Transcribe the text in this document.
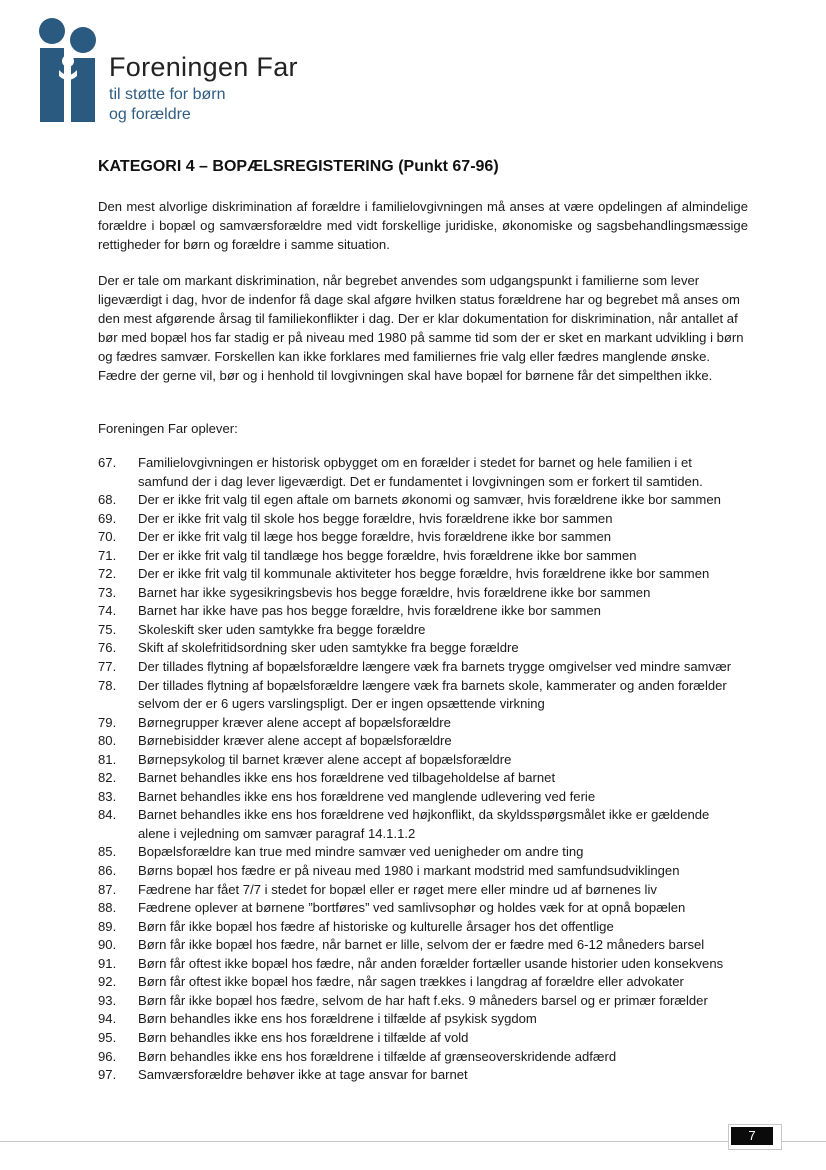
Foreningen Far
til støtte for børn
og forældre
KATEGORI 4 – BOPÆLSREGISTERING (Punkt 67-96)
Den mest alvorlige diskrimination af forældre i familielovgivningen må anses at være opdelingen af almindelige forældre i bopæl og samværsforældre med vidt forskellige juridiske, økonomiske og sagsbehandlingsmæssige rettigheder for børn og forældre i samme situation.
Der er tale om markant diskrimination, når begrebet anvendes som udgangspunkt i familierne som lever ligeværdigt i dag, hvor de indenfor få dage skal afgøre hvilken status forældrene har og begrebet må anses om den mest afgørende årsag til familiekonflikter i dag. Der er klar dokumentation for diskrimination, når antallet af bør med bopæl hos far stadig er på niveau med 1980 på samme tid som der er sket en markant udvikling i børn og fædres samvær. Forskellen kan ikke forklares med familiernes frie valg eller fædres manglende ønske. Fædre der gerne vil, bør og i henhold til lovgivningen skal have bopæl for børnene får det simpelthen ikke.
Foreningen Far oplever:
67. Familielovgivningen er historisk opbygget om en forælder i stedet for barnet og hele familien i et
samfund der i dag lever ligeværdigt. Det er fundamentet i lovgivningen som er forkert til samtiden.
68. Der er ikke frit valg til egen aftale om barnets økonomi og samvær, hvis forældrene ikke bor sammen
69. Der er ikke frit valg til skole hos begge forældre, hvis forældrene ikke bor sammen
70. Der er ikke frit valg til læge hos begge forældre, hvis forældrene ikke bor sammen
71. Der er ikke frit valg til tandlæge hos begge forældre, hvis forældrene ikke bor sammen
72. Der er ikke frit valg til kommunale aktiviteter hos begge forældre, hvis forældrene ikke bor sammen
73. Barnet har ikke sygesikringsbevis hos begge forældre, hvis forældrene ikke bor sammen
74. Barnet har ikke have pas hos begge forældre, hvis forældrene ikke bor sammen
75. Skoleskift sker uden samtykke fra begge forældre
76. Skift af skolefritidsordning sker uden samtykke fra begge forældre
77. Der tillades flytning af bopælsforældre længere væk fra barnets trygge omgivelser ved mindre samvær
78. Der tillades flytning af bopælsforældre længere væk fra barnets skole, kammerater og anden forælder
selvom der er 6 ugers varslingspligt. Der er ingen opsættende virkning
79. Børnegrupper kræver alene accept af bopælsforældre
80. Børnebisidder kræver alene accept af bopælsforældre
81. Børnepsykolog til barnet kræver alene accept af bopælsforældre
82. Barnet behandles ikke ens hos forældrene ved tilbageholdelse af barnet
83. Barnet behandles ikke ens hos forældrene ved manglende udlevering ved ferie
84. Barnet behandles ikke ens hos forældrene ved højkonflikt, da skyldsspørgsmålet ikke er gældende
alene i vejledning om samvær paragraf 14.1.1.2
85. Bopælsforældre kan true med mindre samvær ved uenigheder om andre ting
86. Børns bopæl hos fædre er på niveau med 1980 i markant modstrid med samfundsudviklingen
87. Fædrene har fået 7/7 i stedet for bopæl eller er røget mere eller mindre ud af børnenes liv
88. Fædrene oplever at børnene ”bortføres” ved samlivsophør og holdes væk for at opnå bopælen
89. Børn får ikke bopæl hos fædre af historiske og kulturelle årsager hos det offentlige
90. Børn får ikke bopæl hos fædre, når barnet er lille, selvom der er fædre med 6-12 måneders barsel
91. Børn får oftest ikke bopæl hos fædre, når anden forælder fortæller usande historier uden konsekvens
92. Børn får oftest ikke bopæl hos fædre, når sagen trækkes i langdrag af forældre eller advokater
93. Børn får ikke bopæl hos fædre, selvom de har haft f.eks. 9 måneders barsel og er primær forælder
94. Børn behandles ikke ens hos forældrene i tilfælde af psykisk sygdom
95. Børn behandles ikke ens hos forældrene i tilfælde af vold
96. Børn behandles ikke ens hos forældrene i tilfælde af grænseoverskridende adfærd
97. Samværsforældre behøver ikke at tage ansvar for barnet
7
